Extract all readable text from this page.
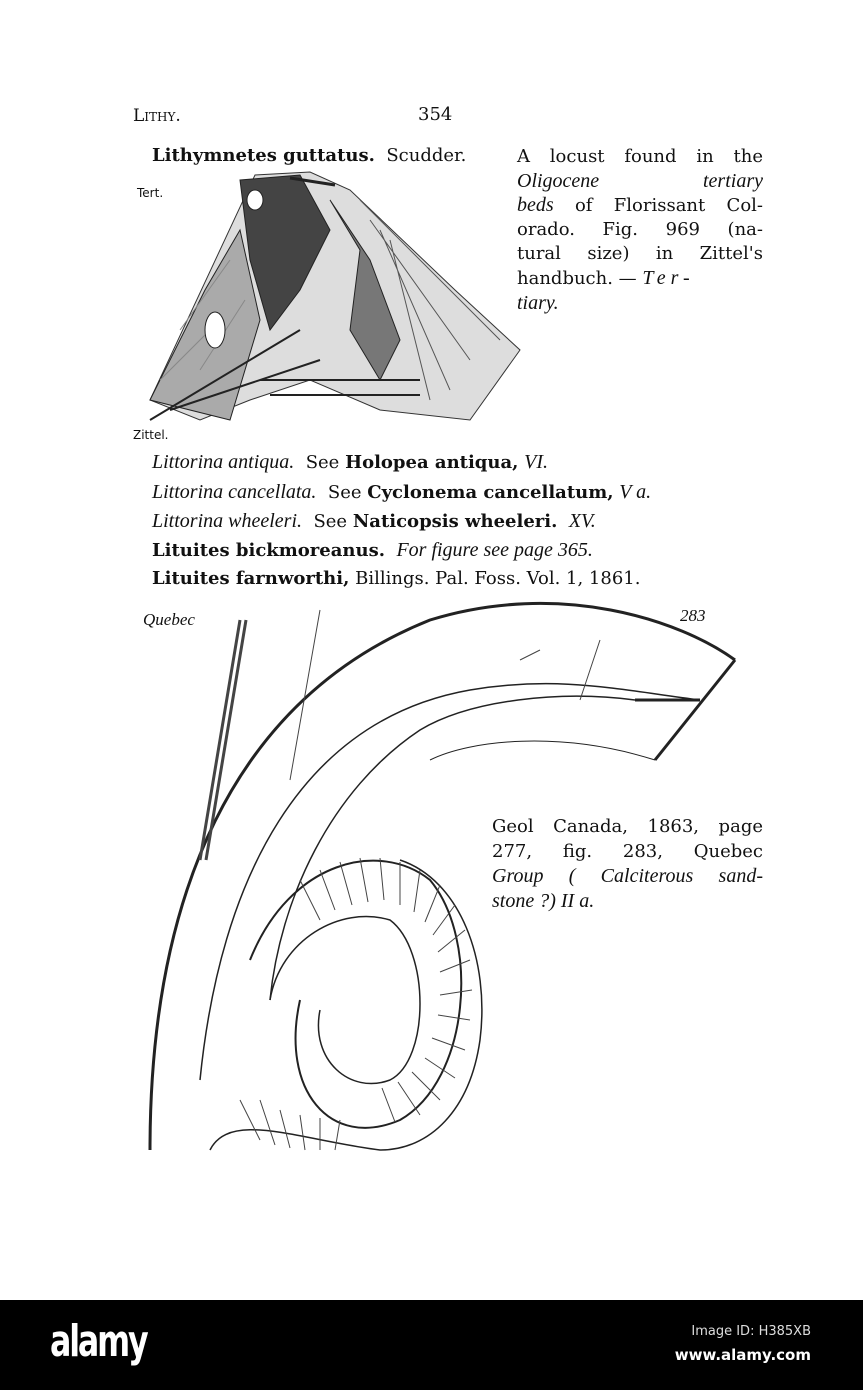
Lithy.	354
Lithymnetes guttatus. Scudder.	A locust found in the
Oligocene tertiary
beds of Florissant Col-
orado. Fig. 969 (na-
tural size) in Zittel's
handbuch. — Ter-
tiary.
Tert.
Zittel.
Littorina antiqua. See Holopea antiqua, VI.
Littorina cancellata. See Cyclonema cancellatum, V a.
Littorina wheeleri. See Naticopsis wheeleri. XV.
Lituites bickmoreanus. For figure see page 365.
Lituites farnworthi, Billings. Pal. Foss. Vol. 1, 1861.
Quebec	283
Geol Canada, 1863, page
277, fig. 283, Quebec
Group ( Calciterous sand-
stone ?) II a.
alamy	Image ID: H385XB
www.alamy.com
